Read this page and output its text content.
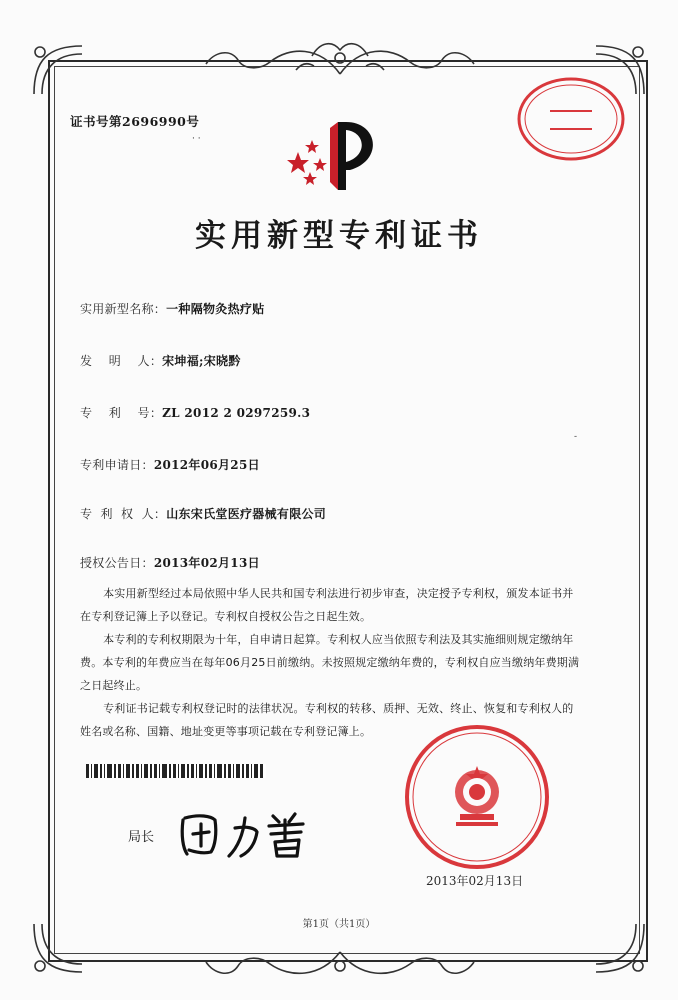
证书号第2696990号
· ·
实用新型专利证书
实用新型名称：一种隔物灸热疗贴
发    明    人：宋坤福;宋晓黔
专    利    号：ZL 2012 2 0297259.3
专利申请日：2012年06月25日
专  利  权  人：山东宋氏堂医疗器械有限公司
授权公告日：2013年02月13日

本实用新型经过本局依照中华人民共和国专利法进行初步审查，决定授予专利权，颁发本证书并在专利登记簿上予以登记。专利权自授权公告之日起生效。

本专利的专利权期限为十年，自申请日起算。专利权人应当依照专利法及其实施细则规定缴纳年费。本专利的年费应当在每年06月25日前缴纳。未按照规定缴纳年费的，专利权自应当缴纳年费期满之日起终止。

专利证书记载专利权登记时的法律状况。专利权的转移、质押、无效、终止、恢复和专利权人的姓名或名称、国籍、地址变更等事项记载在专利登记簿上。

局长
2013年02月13日
第1页（共1页）
-
